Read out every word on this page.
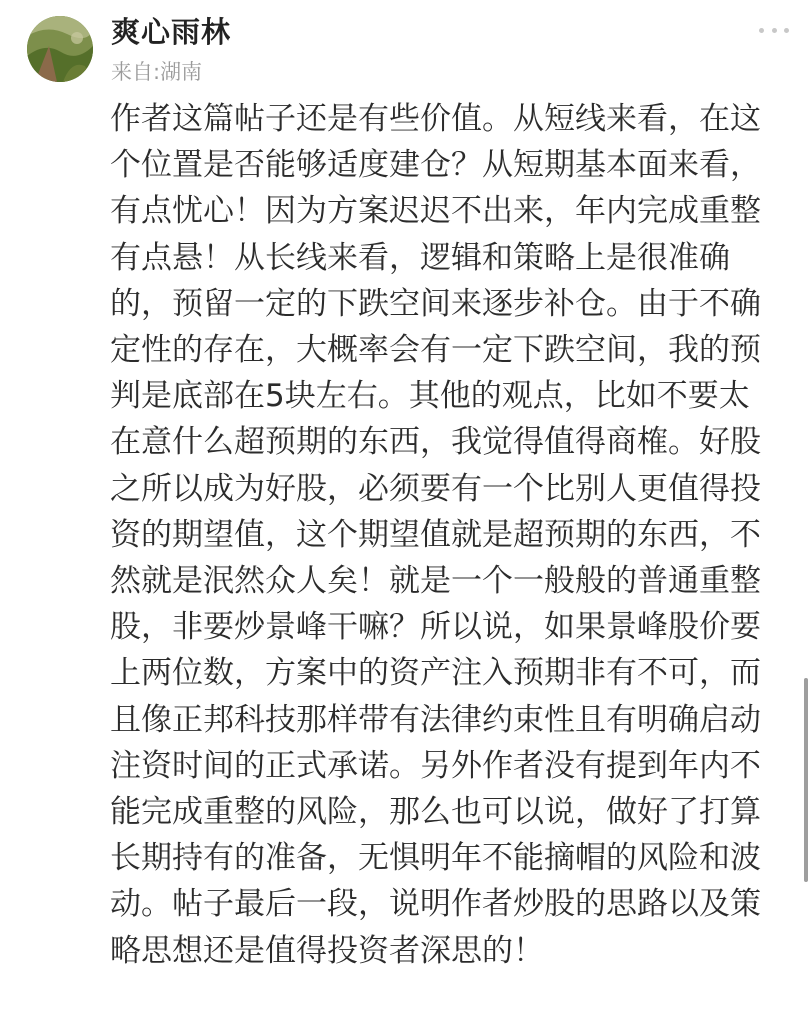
爽心雨林
来自:湖南
作者这篇帖子还是有些价值。从短线来看，在这
个位置是否能够适度建仓？从短期基本面来看，
有点忧心！因为方案迟迟不出来，年内完成重整
有点悬！从长线来看，逻辑和策略上是很准确
的，预留一定的下跌空间来逐步补仓。由于不确
定性的存在，大概率会有一定下跌空间，我的预
判是底部在5块左右。其他的观点，比如不要太
在意什么超预期的东西，我觉得值得商榷。好股
之所以成为好股，必须要有一个比别人更值得投
资的期望值，这个期望值就是超预期的东西，不
然就是泯然众人矣！就是一个一般般的普通重整
股，非要炒景峰干嘛？所以说，如果景峰股价要
上两位数，方案中的资产注入预期非有不可，而
且像正邦科技那样带有法律约束性且有明确启动
注资时间的正式承诺。另外作者没有提到年内不
能完成重整的风险，那么也可以说，做好了打算
长期持有的准备，无惧明年不能摘帽的风险和波
动。帖子最后一段，说明作者炒股的思路以及策
略思想还是值得投资者深思的！
